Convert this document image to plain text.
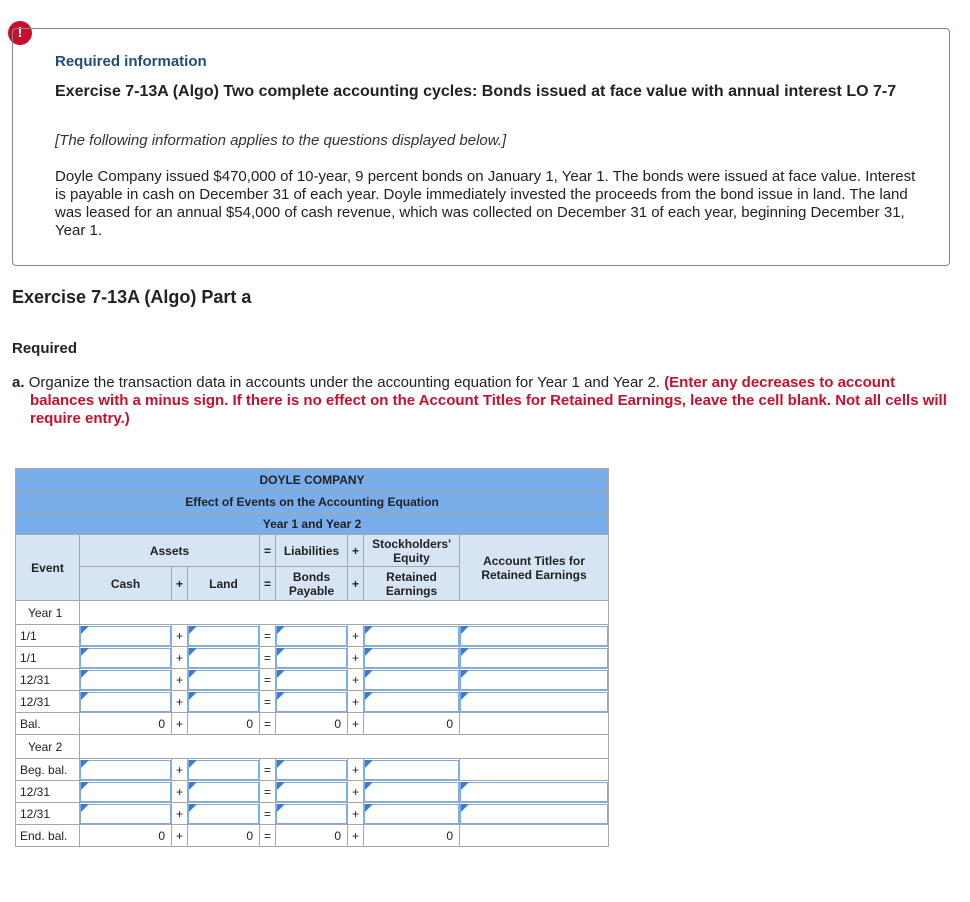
!
Required information
Exercise 7-13A (Algo) Two complete accounting cycles: Bonds issued at face value with annual interest LO 7-7
[The following information applies to the questions displayed below.]
Doyle Company issued $470,000 of 10-year, 9 percent bonds on January 1, Year 1. The bonds were issued at face value. Interest is payable in cash on December 31 of each year. Doyle immediately invested the proceeds from the bond issue in land. The land was leased for an annual $54,000 of cash revenue, which was collected on December 31 of each year, beginning December 31, Year 1.
Exercise 7-13A (Algo) Part a
Required
a. Organize the transaction data in accounts under the accounting equation for Year 1 and Year 2. (Enter any decreases to account balances with a minus sign. If there is no effect on the Account Titles for Retained Earnings, leave the cell blank. Not all cells will require entry.)
DOYLE COMPANY								
Effect of Events on the Accounting Equation								
Year 1 and Year 2								
Event	Assets			=	Liabilities	+	Stockholders' Equity	Account Titles for Retained Earnings
	Cash	+	Land	=	Bonds Payable	+	Retained Earnings	
Year 1								
1/1		+		=		+	

1/1		+		=		+	

12/31		+		=		+	

12/31		+		=		+	

Bal.	0	+	0	=	0	+	0	
Year 2								
Beg. bal.		+		=		+	

12/31		+		=		+	

12/31		+		=		+	

End. bal.	0	+	0	=	0	+	0	
